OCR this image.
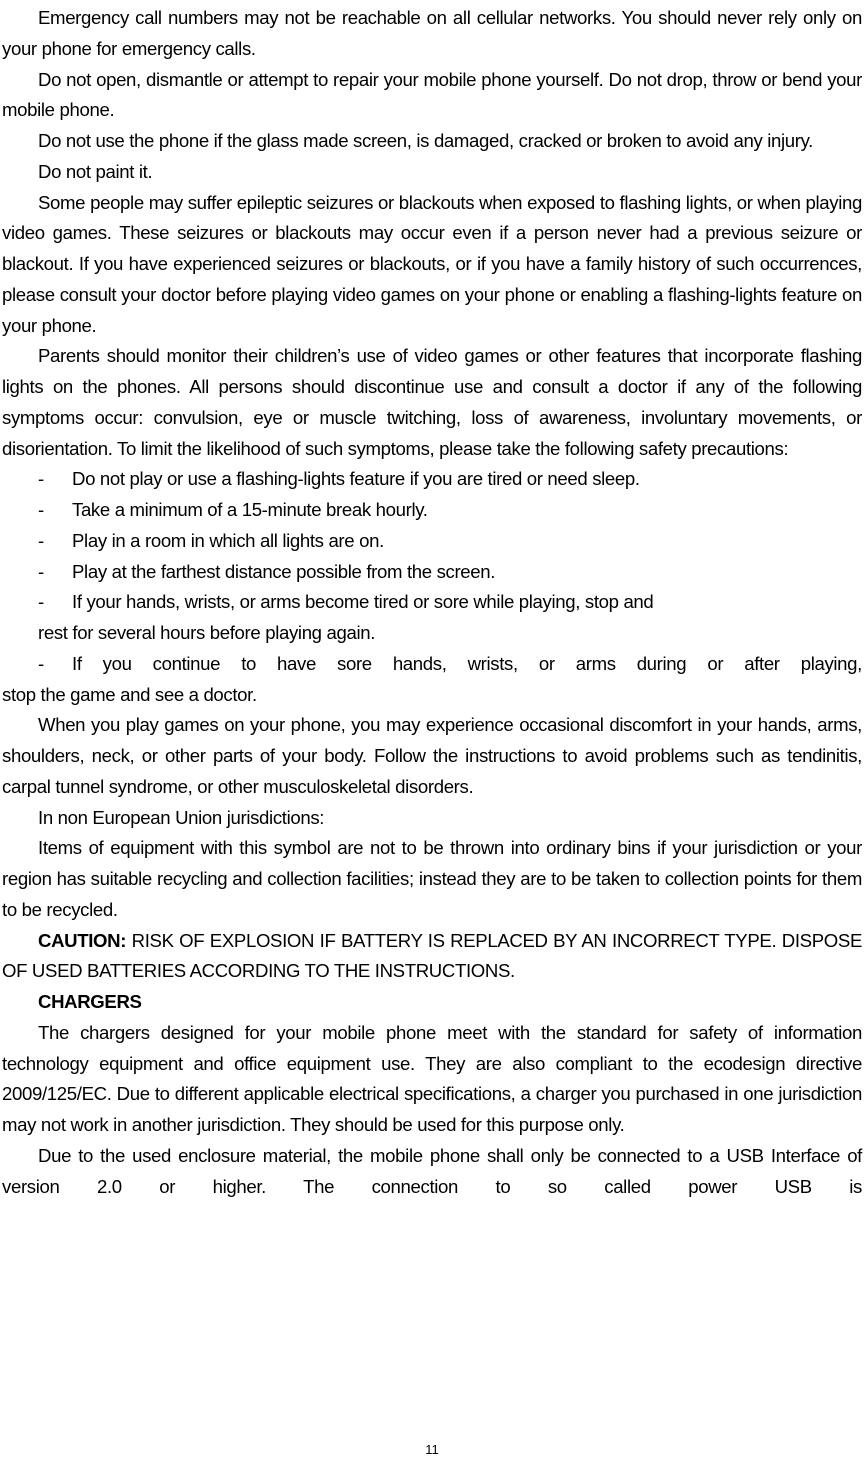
Emergency call numbers may not be reachable on all cellular networks. You should never rely only on your phone for emergency calls.

Do not open, dismantle or attempt to repair your mobile phone yourself. Do not drop, throw or bend your mobile phone.

Do not use the phone if the glass made screen, is damaged, cracked or broken to avoid any injury.

Do not paint it.

Some people may suffer epileptic seizures or blackouts when exposed to flashing lights, or when playing video games. These seizures or blackouts may occur even if a person never had a previous seizure or blackout. If you have experienced seizures or blackouts, or if you have a family history of such occurrences, please consult your doctor before playing video games on your phone or enabling a flashing-lights feature on your phone.

Parents should monitor their children’s use of video games or other features that incorporate flashing lights on the phones. All persons should discontinue use and consult a doctor if any of the following symptoms occur: convulsion, eye or muscle twitching, loss of awareness, involuntary movements, or disorientation. To limit the likelihood of such symptoms, please take the following safety precautions:

-	Do not play or use a flashing-lights feature if you are tired or need sleep.
-	Take a minimum of a 15-minute break hourly.
-	Play in a room in which all lights are on.
-	Play at the farthest distance possible from the screen.
-	If your hands, wrists, or arms become tired or sore while playing, stop and

rest for several hours before playing again.

-	If you continue to have sore hands, wrists, or arms during or after playing,

stop the game and see a doctor.

When you play games on your phone, you may experience occasional discomfort in your hands, arms, shoulders, neck, or other parts of your body. Follow the instructions to avoid problems such as tendinitis, carpal tunnel syndrome, or other musculoskeletal disorders.

In non European Union jurisdictions:

Items of equipment with this symbol are not to be thrown into ordinary bins if your jurisdiction or your region has suitable recycling and collection facilities; instead they are to be taken to collection points for them to be recycled.

CAUTION: RISK OF EXPLOSION IF BATTERY IS REPLACED BY AN INCORRECT TYPE. DISPOSE OF USED BATTERIES ACCORDING TO THE INSTRUCTIONS.

CHARGERS

The chargers designed for your mobile phone meet with the standard for safety of information technology equipment and office equipment use. They are also compliant to the ecodesign directive 2009/125/EC. Due to different applicable electrical specifications, a charger you purchased in one jurisdiction may not work in another jurisdiction. They should be used for this purpose only.

Due to the used enclosure material, the mobile phone shall only be connected to a USB Interface of version 2.0 or higher. The connection to so called power USB is

11
